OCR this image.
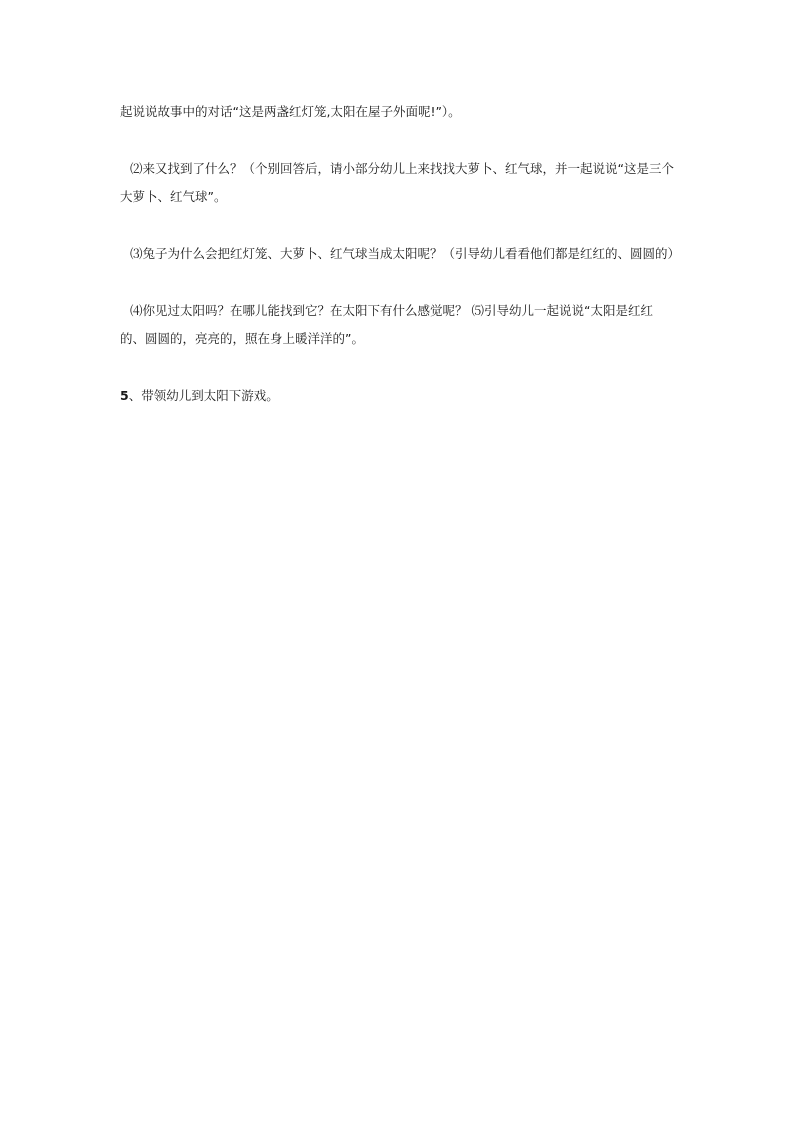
起说说故事中的对话“这是两盏红灯笼,太阳在屋子外面呢!”）。

⑵来又找到了什么？（个别回答后，请小部分幼儿上来找找大萝卜、红气球，并一起说说“这是三个大萝卜、红气球”。

⑶兔子为什么会把红灯笼、大萝卜、红气球当成太阳呢？（引导幼儿看看他们都是红红的、圆圆的）

⑷你见过太阳吗？在哪儿能找到它？在太阳下有什么感觉呢？ ⑸引导幼儿一起说说“太阳是红红的、圆圆的，亮亮的，照在身上暖洋洋的”。

5、带领幼儿到太阳下游戏。
